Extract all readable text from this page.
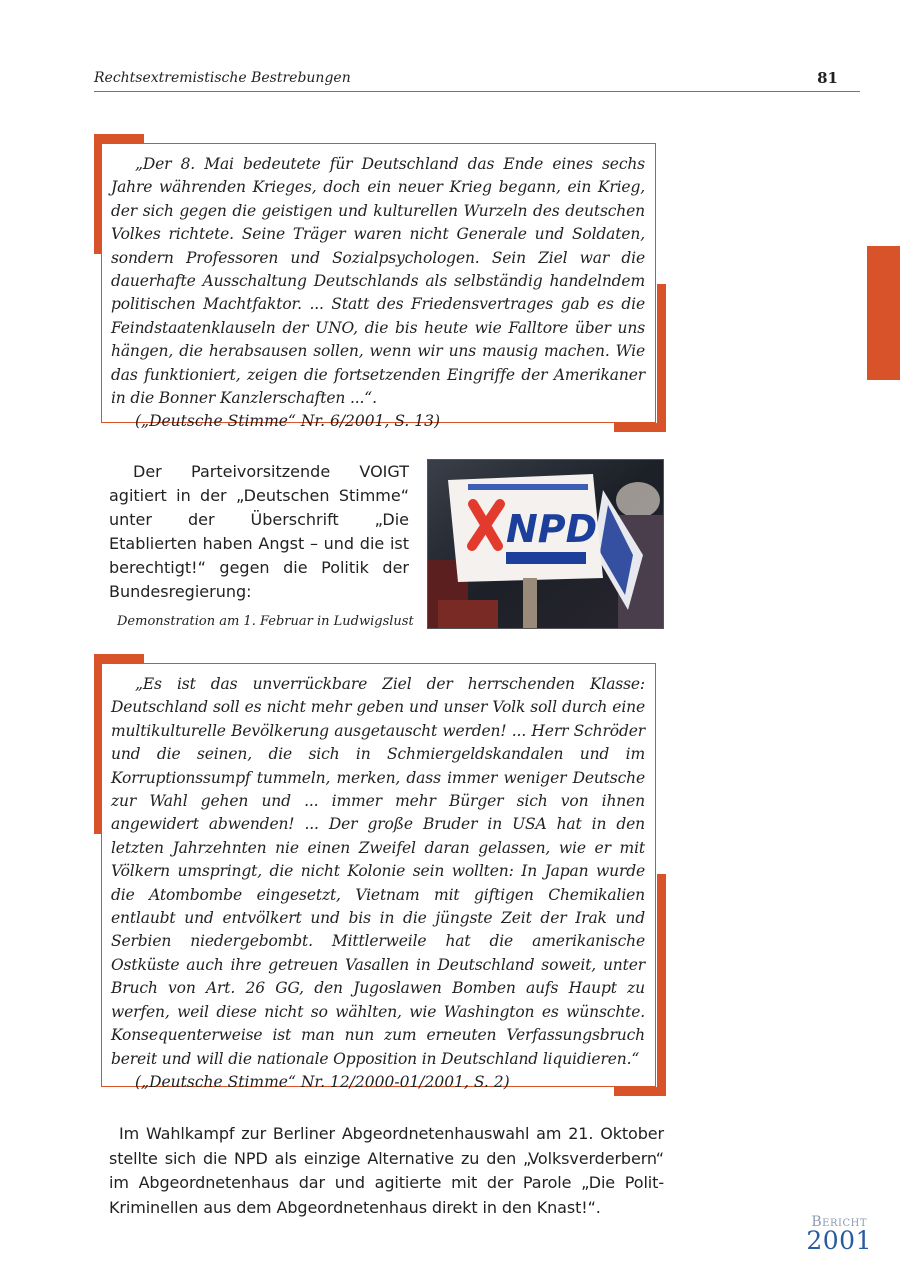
Rechtsextremistische Bestrebungen	81

„Der 8. Mai bedeutete für Deutschland das Ende eines sechs Jahre währenden Krieges, doch ein neuer Krieg begann, ein Krieg, der sich gegen die geistigen und kulturellen Wurzeln des deutschen Volkes richtete. Seine Träger waren nicht Generale und Soldaten, sondern Professoren und Sozialpsychologen. Sein Ziel war die dauerhafte Ausschaltung Deutschlands als selbständig handelndem politischen Machtfaktor. ... Statt des Friedensvertrages gab es die Feindstaatenklauseln der UNO, die bis heute wie Falltore über uns hängen, die herabsausen sollen, wenn wir uns mausig machen. Wie das funktioniert, zeigen die fortsetzenden Eingriffe der Amerikaner in die Bonner Kanzlerschaften ...“.

(„Deutsche Stimme“ Nr. 6/2001, S. 13)

Der Parteivorsitzende VOIGT agitiert in der „Deutschen Stimme“ unter der Überschrift „Die Etablierten haben Angst – und die ist berechtigt!“ gegen die Politik der Bundesregierung:

NPD
Demonstration am 1. Februar in Ludwigslust

„Es ist das unverrückbare Ziel der herrschenden Klasse: Deutschland soll es nicht mehr geben und unser Volk soll durch eine multikulturelle Bevölkerung ausgetauscht werden! ... Herr Schröder und die seinen, die sich in Schmiergeldskandalen und im Korruptionssumpf tummeln, merken, dass immer weniger Deutsche zur Wahl gehen und ... immer mehr Bürger sich von ihnen angewidert abwenden! ... Der große Bruder in USA hat in den letzten Jahrzehnten nie einen Zweifel daran gelassen, wie er mit Völkern umspringt, die nicht Kolonie sein wollten: In Japan wurde die Atombombe eingesetzt, Vietnam mit giftigen Chemikalien entlaubt und entvölkert und bis in die jüngste Zeit der Irak und Serbien niedergebombt. Mittlerweile hat die amerikanische Ostküste auch ihre getreuen Vasallen in Deutschland soweit, unter Bruch von Art. 26 GG, den Jugoslawen Bomben aufs Haupt zu werfen, weil diese nicht so wählten, wie Washington es wünschte. Konsequenterweise ist man nun zum erneuten Verfassungsbruch bereit und will die nationale Opposition in Deutschland liquidieren.“

(„Deutsche Stimme“ Nr. 12/2000-01/2001, S. 2)

Im Wahlkampf zur Berliner Abgeordnetenhauswahl am 21. Oktober stellte sich die NPD als einzige Alternative zu den „Volksverderbern“ im Abgeordnetenhaus dar und agitierte mit der Parole „Die Polit-Kriminellen aus dem Abgeordnetenhaus direkt in den Knast!“.

Bericht
2001
